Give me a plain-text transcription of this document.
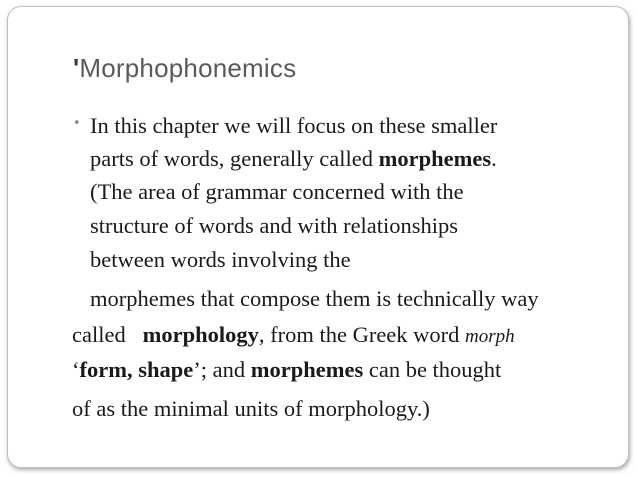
'Morphophonemics
• In this chapter we will focus on these smaller
parts of words, generally called morphemes.
(The area of grammar concerned with the
structure of words and with relationships
between words involving the
morphemes that compose them is technically way
called   morphology, from the Greek word morph
‘form, shape’; and morphemes can be thought
of as the minimal units of morphology.)
